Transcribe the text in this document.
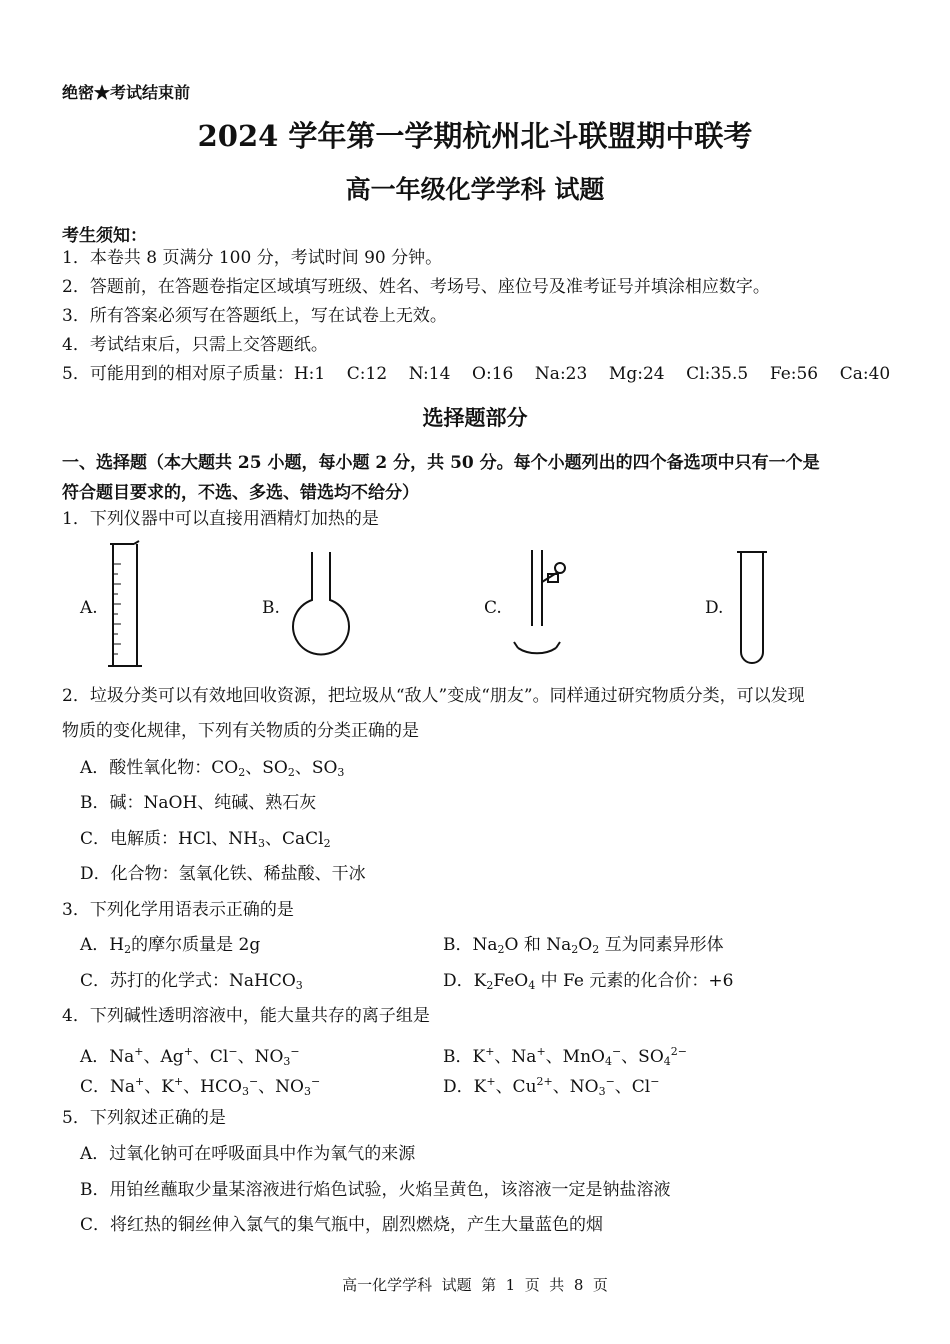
绝密★考试结束前
2024 学年第一学期杭州北斗联盟期中联考
高一年级化学学科 试题
考生须知：
1．本卷共 8 页满分 100 分，考试时间 90 分钟。
2．答题前，在答题卷指定区域填写班级、姓名、考场号、座位号及准考证号并填涂相应数字。
3．所有答案必须写在答题纸上，写在试卷上无效。
4．考试结束后，只需上交答题纸。
5．可能用到的相对原子质量：H:1    C:12    N:14    O:16    Na:23    Mg:24    Cl:35.5    Fe:56    Ca:40
选择题部分
一、选择题（本大题共 25 小题，每小题 2 分，共 50 分。每个小题列出的四个备选项中只有一个是
符合题目要求的，不选、多选、错选均不给分）
1．下列仪器中可以直接用酒精灯加热的是
A.	B.	C.	D.
2．垃圾分类可以有效地回收资源，把垃圾从“敌人”变成“朋友”。同样通过研究物质分类，可以发现
物质的变化规律，下列有关物质的分类正确的是
A．酸性氧化物：$CO_2$、$SO_2$、$SO_3$
B．碱：NaOH、纯碱、熟石灰
C．电解质：HCl、$NH_3$、CaCl$_2$
D．化合物：氢氧化铁、稀盐酸、干冰
3．下列化学用语表示正确的是
A．$H_2$的摩尔质量是 2g	B．$Na_2O$ 和 $Na_2O_2$ 互为同素异形体
C．苏打的化学式：NaHCO$_3$	D．$K_2FeO_4$ 中 Fe 元素的化合价：+6
4．下列碱性透明溶液中，能大量共存的离子组是
A．Na+、Ag+、Cl−、$NO_3^-$	B．K+、Na+、MnO$_4$−、$SO_4^{2-}$
C．Na+、K+、$HCO_3^-$、$NO_3^-$	D．K+、$Cu^{2+}$、$NO_3^-$、Cl−
5．下列叙述正确的是
A．过氧化钠可在呼吸面具中作为氧气的来源
B．用铂丝蘸取少量某溶液进行焰色试验，火焰呈黄色，该溶液一定是钠盐溶液
C．将红热的铜丝伸入氯气的集气瓶中，剧烈燃烧，产生大量蓝色的烟
高一化学学科  试题  第  1  页  共  8  页
